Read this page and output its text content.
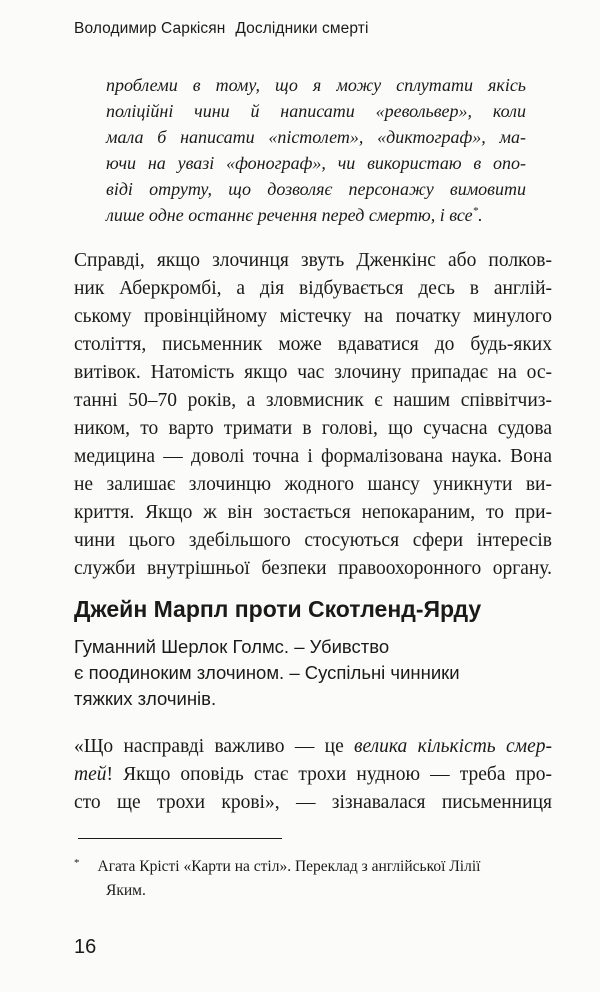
Володимир Саркісян Дослідники смерті
проблеми в тому, що я можу сплутати якісь
поліційні чини й написати «револьвер», коли
мала б написати «пістолет», «диктограф», ма-
ючи на увазі «фонограф», чи використаю в опо-
віді отруту, що дозволяє персонажу вимовити
лише одне останнє речення перед смертю, і все*.
Справді, якщо злочинця звуть Дженкінс або полков-
ник Аберкромбі, а дія відбувається десь в англій-
ському провінційному містечку на початку минулого
століття, письменник може вдаватися до будь-яких
витівок. Натомість якщо час злочину припадає на ос-
танні 50–70 років, а зловмисник є нашим співвітчиз-
ником, то варто тримати в голові, що сучасна судова
медицина — доволі точна і формалізована наука. Вона
не залишає злочинцю жодного шансу уникнути ви-
криття. Якщо ж він зостається непокараним, то при-
чини цього здебільшого стосуються сфери інтересів
служби внутрішньої безпеки правоохоронного органу.
Джейн Марпл проти Скотленд-Ярду
Гуманний Шерлок Голмс. – Убивство
є поодиноким злочином. – Суспільні чинники
тяжких злочинів.
«Що насправді важливо — це велика кількість смер-
тей! Якщо оповідь стає трохи нудною — треба про-
сто ще трохи крові», — зізнавалася письменниця
* Агата Крісті «Карти на стіл». Переклад з англійської Лілії
Яким.
16
